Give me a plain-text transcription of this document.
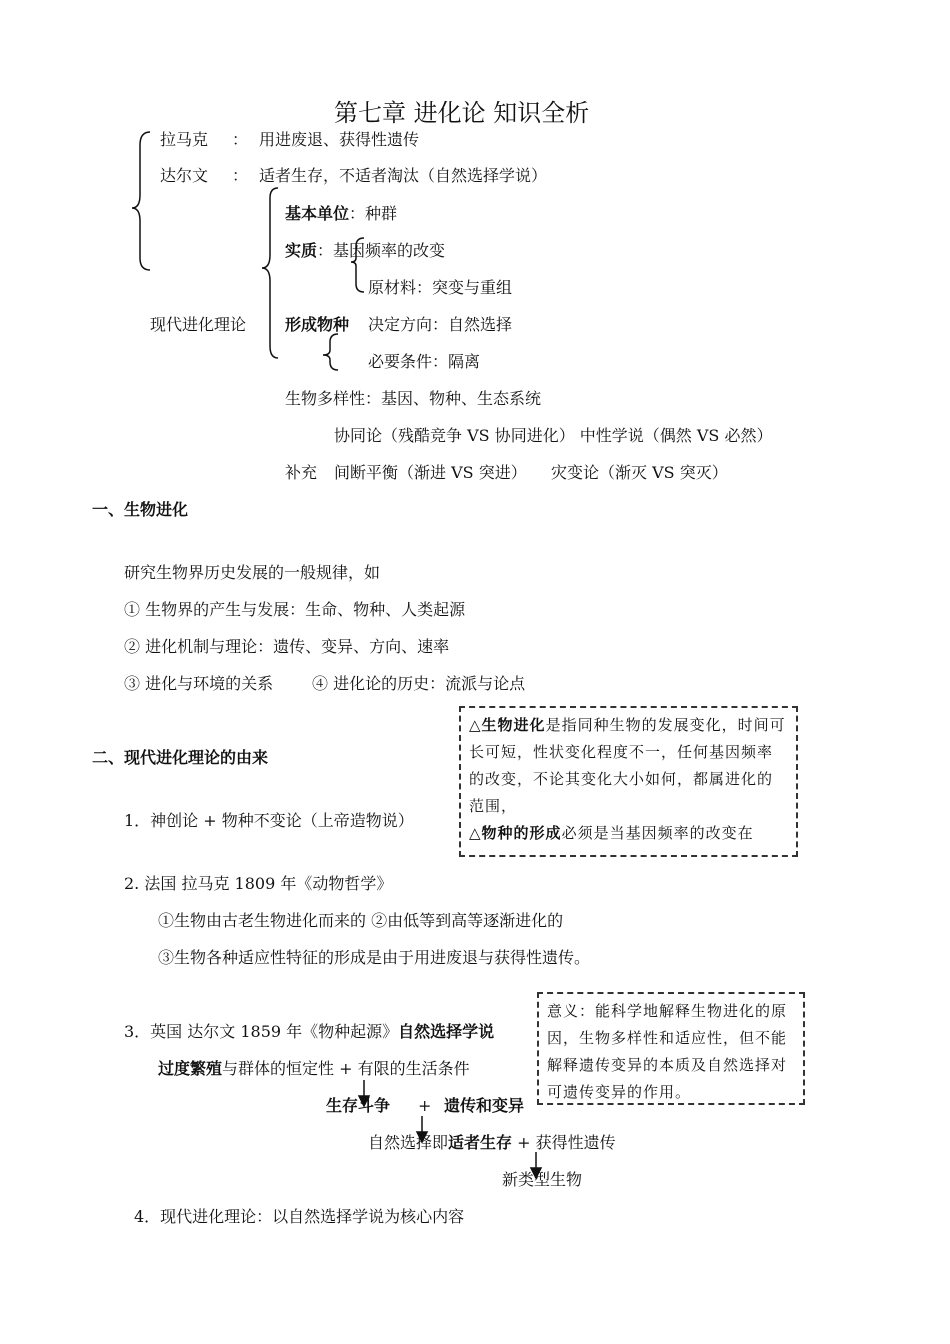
第七章 进化论 知识全析
拉马克 ： 用进废退、获得性遗传
达尔文 ： 适者生存，不适者淘汰（自然选择学说）
基本单位：种群
实质：基因频率的改变
原材料：突变与重组
现代进化理论 形成物种 决定方向：自然选择
必要条件：隔离
生物多样性：基因、物种、生态系统
协同论（残酷竞争 VS 协同进化） 中性学说（偶然 VS 必然）
补充 间断平衡（渐进 VS 突进） 灾变论（渐灭 VS 突灭）
一、生物进化
研究生物界历史发展的一般规律，如
① 生物界的产生与发展：生命、物种、人类起源
② 进化机制与理论：遗传、变异、方向、速率
③ 进化与环境的关系 ④ 进化论的历史：流派与论点
△生物进化是指同种生物的发展变化，时间可长可短，性状变化程度不一，任何基因频率的改变，不论其变化大小如何，都属进化的范围，
△物种的形成必须是当基因频率的改变在
二、现代进化理论的由来
1．神创论 + 物种不变论（上帝造物说）
2. 法国 拉马克 1809 年《动物哲学》
①生物由古老生物进化而来的 ②由低等到高等逐渐进化的
③生物各种适应性特征的形成是由于用进废退与获得性遗传。
3．英国 达尔文 1859 年《物种起源》自然选择学说
过度繁殖与群体的恒定性 + 有限的生活条件
生存斗争 + 遗传和变异
自然选择即适者生存 + 获得性遗传
新类型生物
4．现代进化理论：以自然选择学说为核心内容
意义：能科学地解释生物进化的原因，生物多样性和适应性，但不能解释遗传变异的本质及自然选择对可遗传变异的作用。
